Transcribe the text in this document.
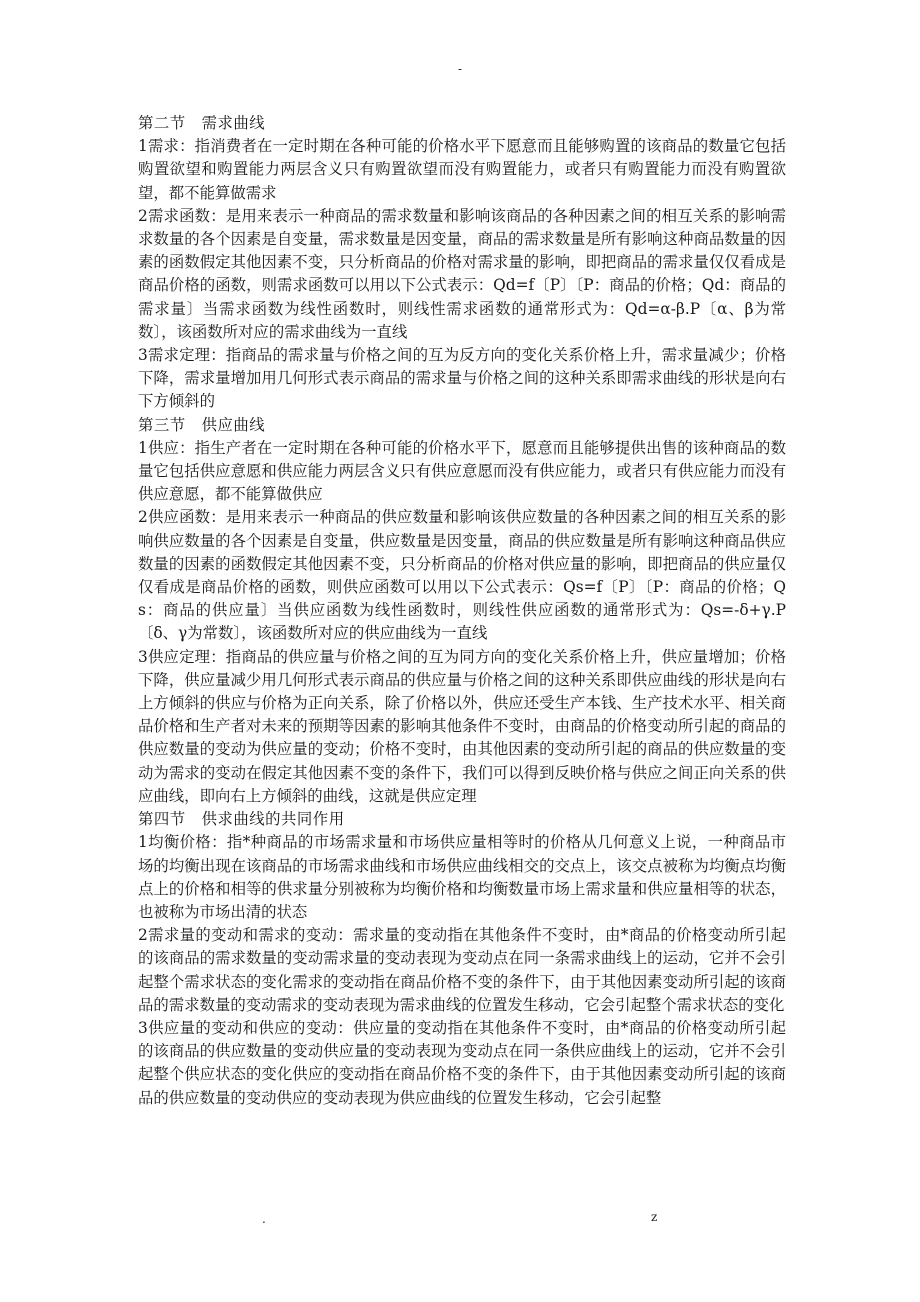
-

第二节　需求曲线

1需求：指消费者在一定时期在各种可能的价格水平下愿意而且能够购置的该商品的数量它包括购置欲望和购置能力两层含义只有购置欲望而没有购置能力，或者只有购置能力而没有购置欲望，都不能算做需求

2需求函数：是用来表示一种商品的需求数量和影响该商品的各种因素之间的相互关系的影响需求数量的各个因素是自变量，需求数量是因变量，商品的需求数量是所有影响这种商品数量的因素的函数假定其他因素不变，只分析商品的价格对需求量的影响，即把商品的需求量仅仅看成是商品价格的函数，则需求函数可以用以下公式表示：Qd=f〔P〕〔P：商品的价格；Qd：商品的需求量〕当需求函数为线性函数时，则线性需求函数的通常形式为：Qd=α-β.P〔α、β为常数〕，该函数所对应的需求曲线为一直线

3需求定理：指商品的需求量与价格之间的互为反方向的变化关系价格上升，需求量减少；价格下降，需求量增加用几何形式表示商品的需求量与价格之间的这种关系即需求曲线的形状是向右下方倾斜的

第三节　供应曲线

1供应：指生产者在一定时期在各种可能的价格水平下，愿意而且能够提供出售的该种商品的数量它包括供应意愿和供应能力两层含义只有供应意愿而没有供应能力，或者只有供应能力而没有供应意愿，都不能算做供应

2供应函数：是用来表示一种商品的供应数量和影响该供应数量的各种因素之间的相互关系的影响供应数量的各个因素是自变量，供应数量是因变量，商品的供应数量是所有影响这种商品供应数量的因素的函数假定其他因素不变，只分析商品的价格对供应量的影响，即把商品的供应量仅仅看成是商品价格的函数，则供应函数可以用以下公式表示：Qs=f〔P〕〔P：商品的价格；Qs：商品的供应量〕当供应函数为线性函数时，则线性供应函数的通常形式为：Qs=-δ+γ.P〔δ、γ为常数〕，该函数所对应的供应曲线为一直线

3供应定理：指商品的供应量与价格之间的互为同方向的变化关系价格上升，供应量增加；价格下降，供应量减少用几何形式表示商品的供应量与价格之间的这种关系即供应曲线的形状是向右上方倾斜的供应与价格为正向关系，除了价格以外，供应还受生产本钱、生产技术水平、相关商品价格和生产者对未来的预期等因素的影响其他条件不变时，由商品的价格变动所引起的商品的供应数量的变动为供应量的变动；价格不变时，由其他因素的变动所引起的商品的供应数量的变动为需求的变动在假定其他因素不变的条件下，我们可以得到反映价格与供应之间正向关系的供应曲线，即向右上方倾斜的曲线，这就是供应定理

第四节　供求曲线的共同作用

1均衡价格：指*种商品的市场需求量和市场供应量相等时的价格从几何意义上说，一种商品市场的均衡出现在该商品的市场需求曲线和市场供应曲线相交的交点上，该交点被称为均衡点均衡点上的价格和相等的供求量分别被称为均衡价格和均衡数量市场上需求量和供应量相等的状态，也被称为市场出清的状态

2需求量的变动和需求的变动：需求量的变动指在其他条件不变时，由*商品的价格变动所引起的该商品的需求数量的变动需求量的变动表现为变动点在同一条需求曲线上的运动，它并不会引起整个需求状态的变化需求的变动指在商品价格不变的条件下，由于其他因素变动所引起的该商品的需求数量的变动需求的变动表现为需求曲线的位置发生移动，它会引起整个需求状态的变化

3供应量的变动和供应的变动：供应量的变动指在其他条件不变时，由*商品的价格变动所引起的该商品的供应数量的变动供应量的变动表现为变动点在同一条供应曲线上的运动，它并不会引起整个供应状态的变化供应的变动指在商品价格不变的条件下，由于其他因素变动所引起的该商品的供应数量的变动供应的变动表现为供应曲线的位置发生移动，它会引起整

.	z
